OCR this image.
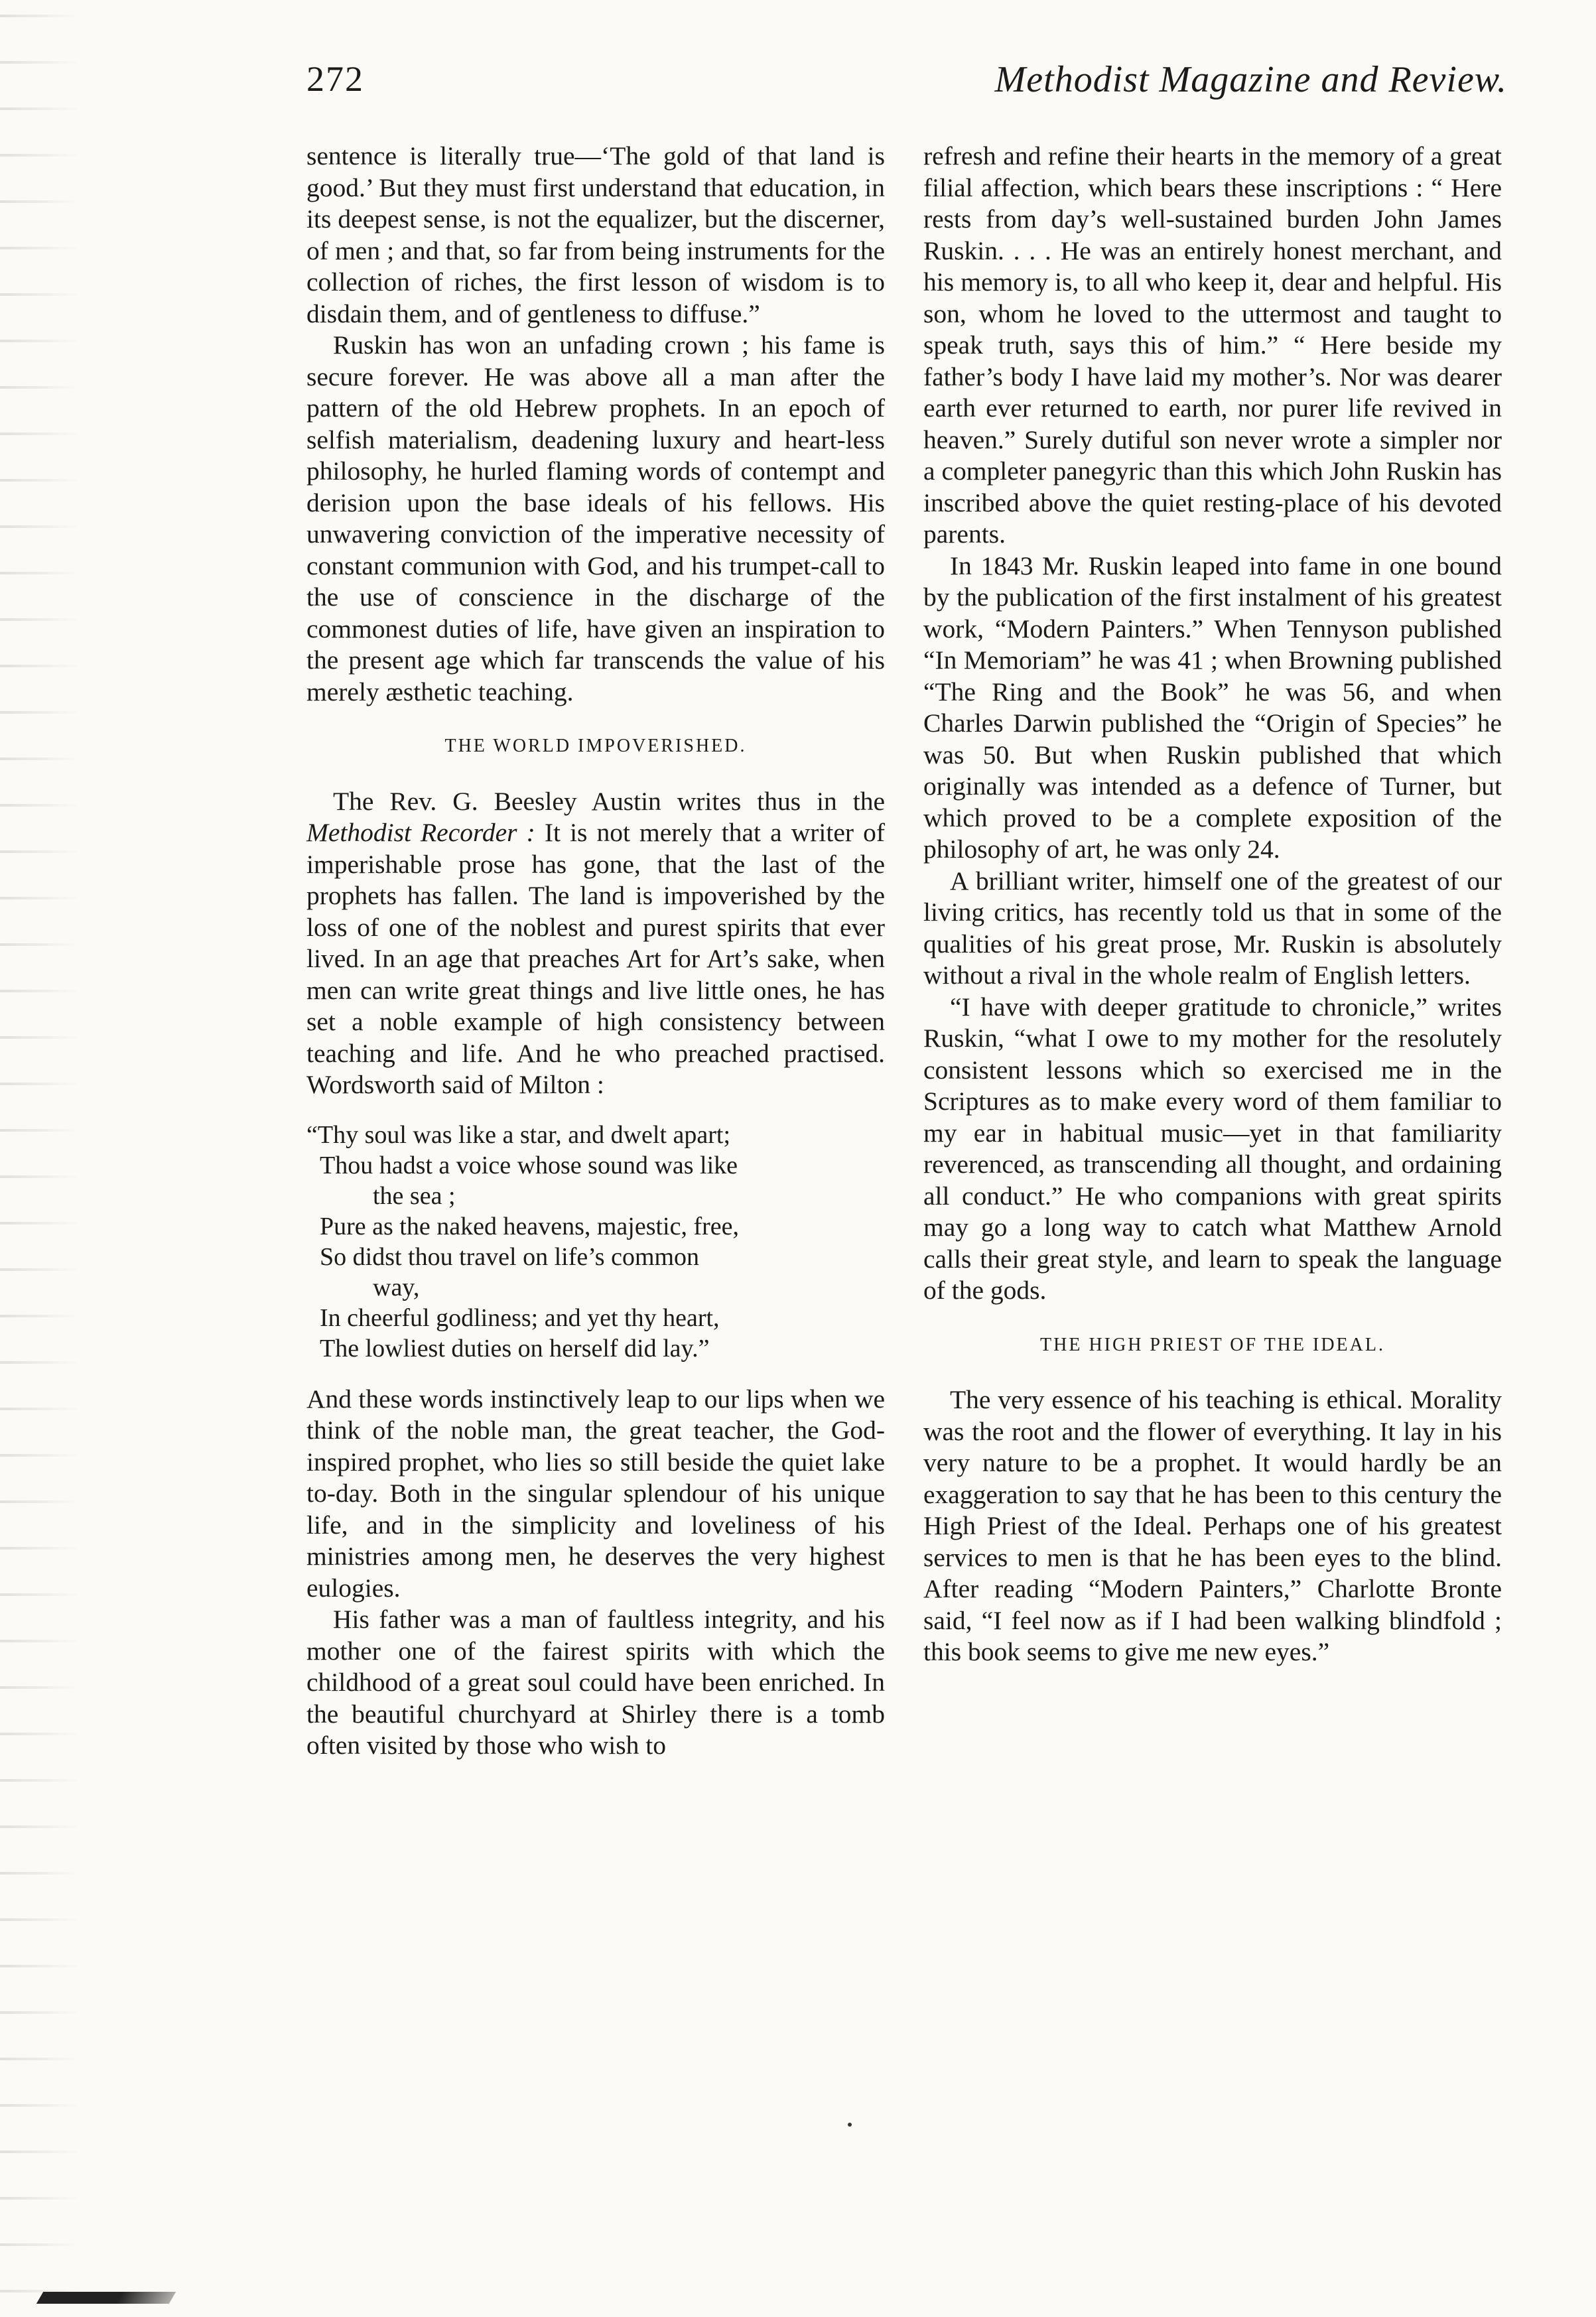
272	Methodist Magazine and Review.

sentence is literally true—‘The gold of that land is good.’ But they must first understand that education, in its deepest sense, is not the equalizer, but the discerner, of men ; and that, so far from being instruments for the collection of riches, the first lesson of wisdom is to disdain them, and of gentleness to diffuse.”

Ruskin has won an unfading crown ; his fame is secure forever. He was above all a man after the pattern of the old Hebrew prophets. In an epoch of selfish materialism, deadening luxury and heart-less philosophy, he hurled flaming words of contempt and derision upon the base ideals of his fellows. His unwavering conviction of the imperative necessity of constant communion with God, and his trumpet-call to the use of conscience in the discharge of the commonest duties of life, have given an inspiration to the present age which far transcends the value of his merely æsthetic teaching.

THE WORLD IMPOVERISHED.

The Rev. G. Beesley Austin writes thus in the Methodist Recorder : It is not merely that a writer of imperishable prose has gone, that the last of the prophets has fallen. The land is impoverished by the loss of one of the noblest and purest spirits that ever lived. In an age that preaches Art for Art’s sake, when men can write great things and live little ones, he has set a noble example of high consistency between teaching and life. And he who preached practised. Wordsworth said of Milton :

“Thy soul was like a star, and dwelt apart;
Thou hadst a voice whose sound was like
the sea ;
Pure as the naked heavens, majestic, free,
So didst thou travel on life’s common
way,
In cheerful godliness; and yet thy heart,
The lowliest duties on herself did lay.”

And these words instinctively leap to our lips when we think of the noble man, the great teacher, the God-inspired prophet, who lies so still beside the quiet lake to-day. Both in the singular splendour of his unique life, and in the simplicity and loveliness of his ministries among men, he deserves the very highest eulogies.

His father was a man of faultless integrity, and his mother one of the fairest spirits with which the childhood of a great soul could have been enriched. In the beautiful churchyard at Shirley there is a tomb often visited by those who wish to

refresh and refine their hearts in the memory of a great filial affection, which bears these inscriptions : “ Here rests from day’s well-sustained burden John James Ruskin. . . . He was an entirely honest merchant, and his memory is, to all who keep it, dear and helpful. His son, whom he loved to the uttermost and taught to speak truth, says this of him.” “ Here beside my father’s body I have laid my mother’s. Nor was dearer earth ever returned to earth, nor purer life revived in heaven.” Surely dutiful son never wrote a simpler nor a completer panegyric than this which John Ruskin has inscribed above the quiet resting-place of his devoted parents.

In 1843 Mr. Ruskin leaped into fame in one bound by the publication of the first instalment of his greatest work, “Modern Painters.” When Tennyson published “In Memoriam” he was 41 ; when Browning published “The Ring and the Book” he was 56, and when Charles Darwin published the “Origin of Species” he was 50. But when Ruskin published that which originally was intended as a defence of Turner, but which proved to be a complete exposition of the philosophy of art, he was only 24.

A brilliant writer, himself one of the greatest of our living critics, has recently told us that in some of the qualities of his great prose, Mr. Ruskin is absolutely without a rival in the whole realm of English letters.

“I have with deeper gratitude to chronicle,” writes Ruskin, “what I owe to my mother for the resolutely consistent lessons which so exercised me in the Scriptures as to make every word of them familiar to my ear in habitual music—yet in that familiarity reverenced, as transcending all thought, and ordaining all conduct.” He who companions with great spirits may go a long way to catch what Matthew Arnold calls their great style, and learn to speak the language of the gods.

THE HIGH PRIEST OF THE IDEAL.

The very essence of his teaching is ethical. Morality was the root and the flower of everything. It lay in his very nature to be a prophet. It would hardly be an exaggeration to say that he has been to this century the High Priest of the Ideal. Perhaps one of his greatest services to men is that he has been eyes to the blind. After reading “Modern Painters,” Charlotte Bronte said, “I feel now as if I had been walking blindfold ; this book seems to give me new eyes.”
